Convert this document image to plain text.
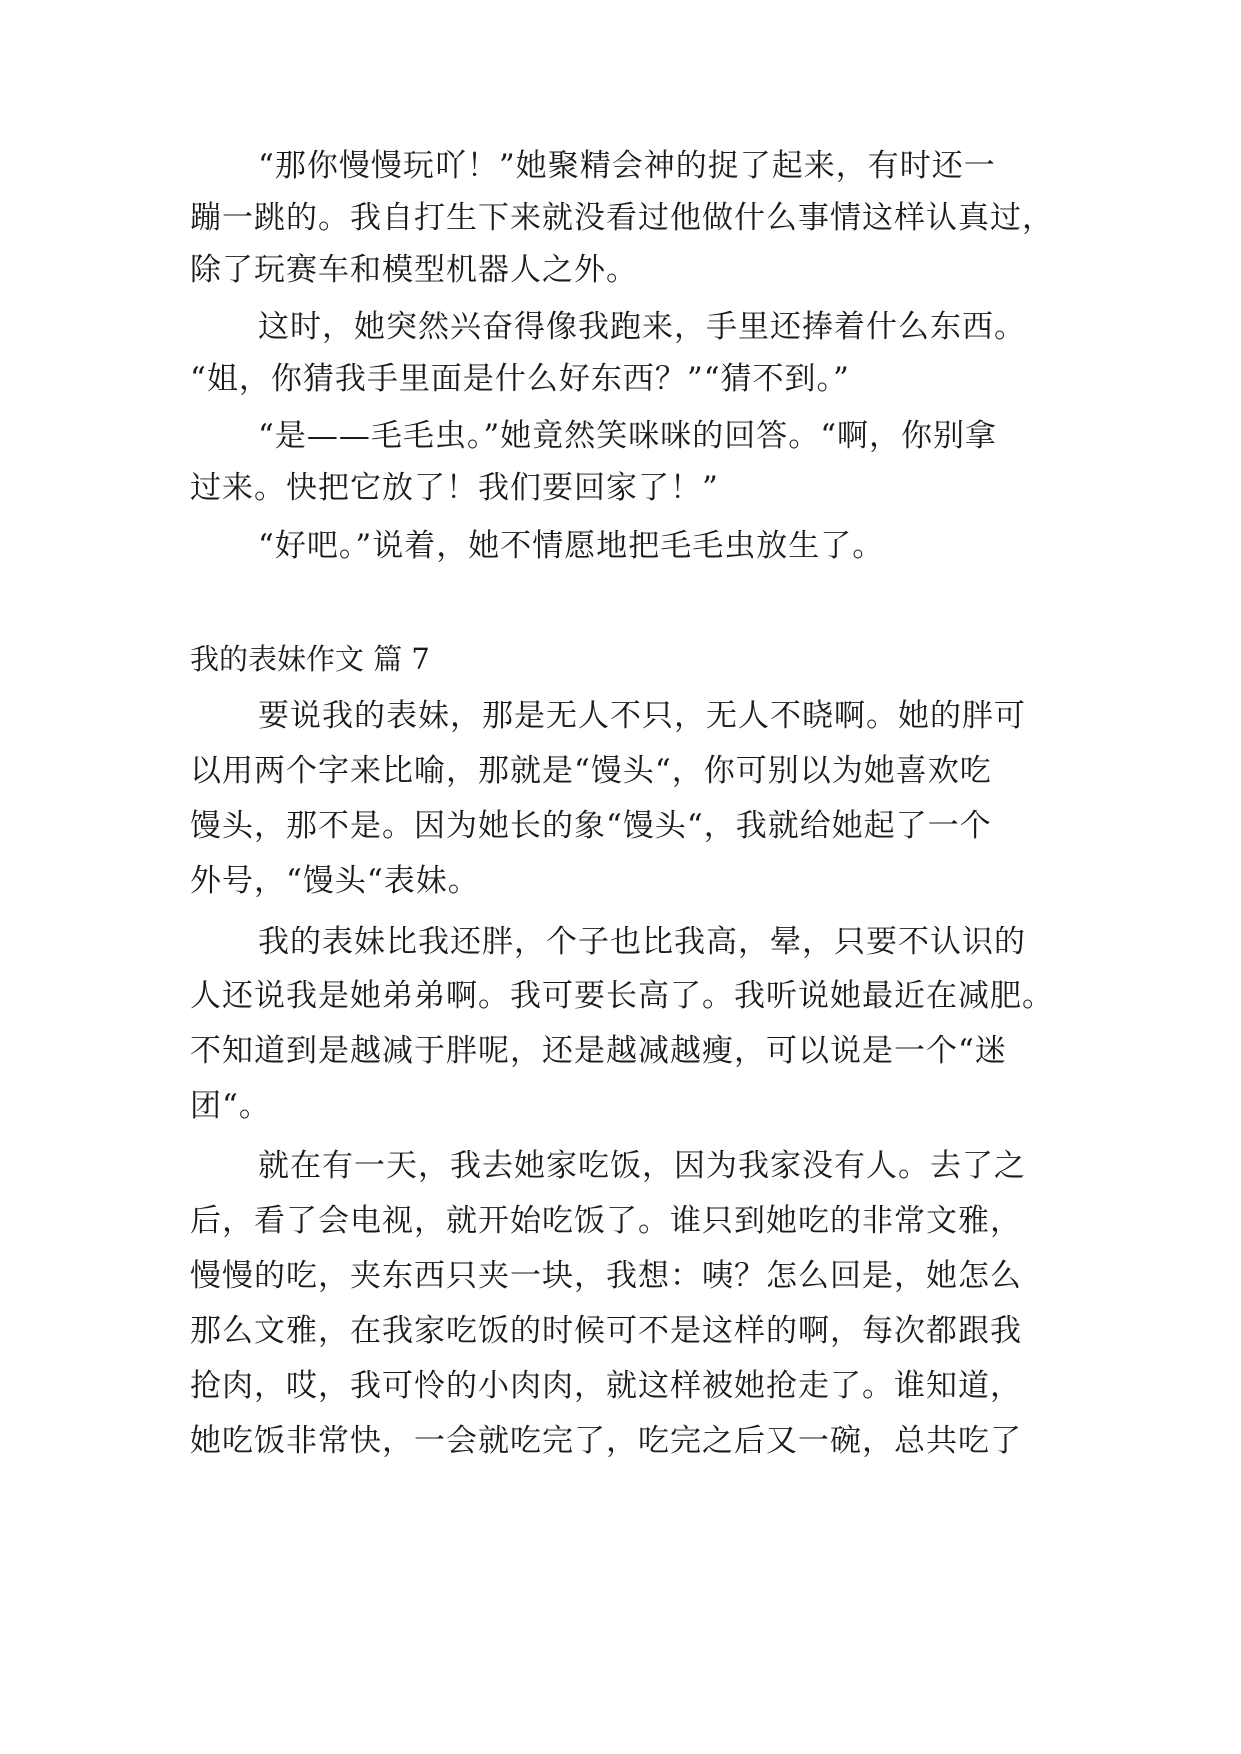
“那你慢慢玩吖！”她聚精会神的捉了起来，有时还一
蹦一跳的。我自打生下来就没看过他做什么事情这样认真过，
除了玩赛车和模型机器人之外。
这时，她突然兴奋得像我跑来，手里还捧着什么东西。
“姐，你猜我手里面是什么好东西？”“猜不到。”
“是——毛毛虫。”她竟然笑咪咪的回答。“啊，你别拿
过来。快把它放了！我们要回家了！”
“好吧。”说着，她不情愿地把毛毛虫放生了。
我的表妹作文 篇 7
要说我的表妹，那是无人不只，无人不晓啊。她的胖可
以用两个字来比喻，那就是“馒头“，你可别以为她喜欢吃
馒头，那不是。因为她长的象“馒头“，我就给她起了一个
外号，“馒头“表妹。
我的表妹比我还胖，个子也比我高，晕，只要不认识的
人还说我是她弟弟啊。我可要长高了。我听说她最近在减肥。
不知道到是越减于胖呢，还是越减越瘦，可以说是一个“迷
团“。
就在有一天，我去她家吃饭，因为我家没有人。去了之
后，看了会电视，就开始吃饭了。谁只到她吃的非常文雅，
慢慢的吃，夹东西只夹一块，我想：咦？怎么回是，她怎么
那么文雅，在我家吃饭的时候可不是这样的啊，每次都跟我
抢肉，哎，我可怜的小肉肉，就这样被她抢走了。谁知道，
她吃饭非常快，一会就吃完了，吃完之后又一碗，总共吃了
